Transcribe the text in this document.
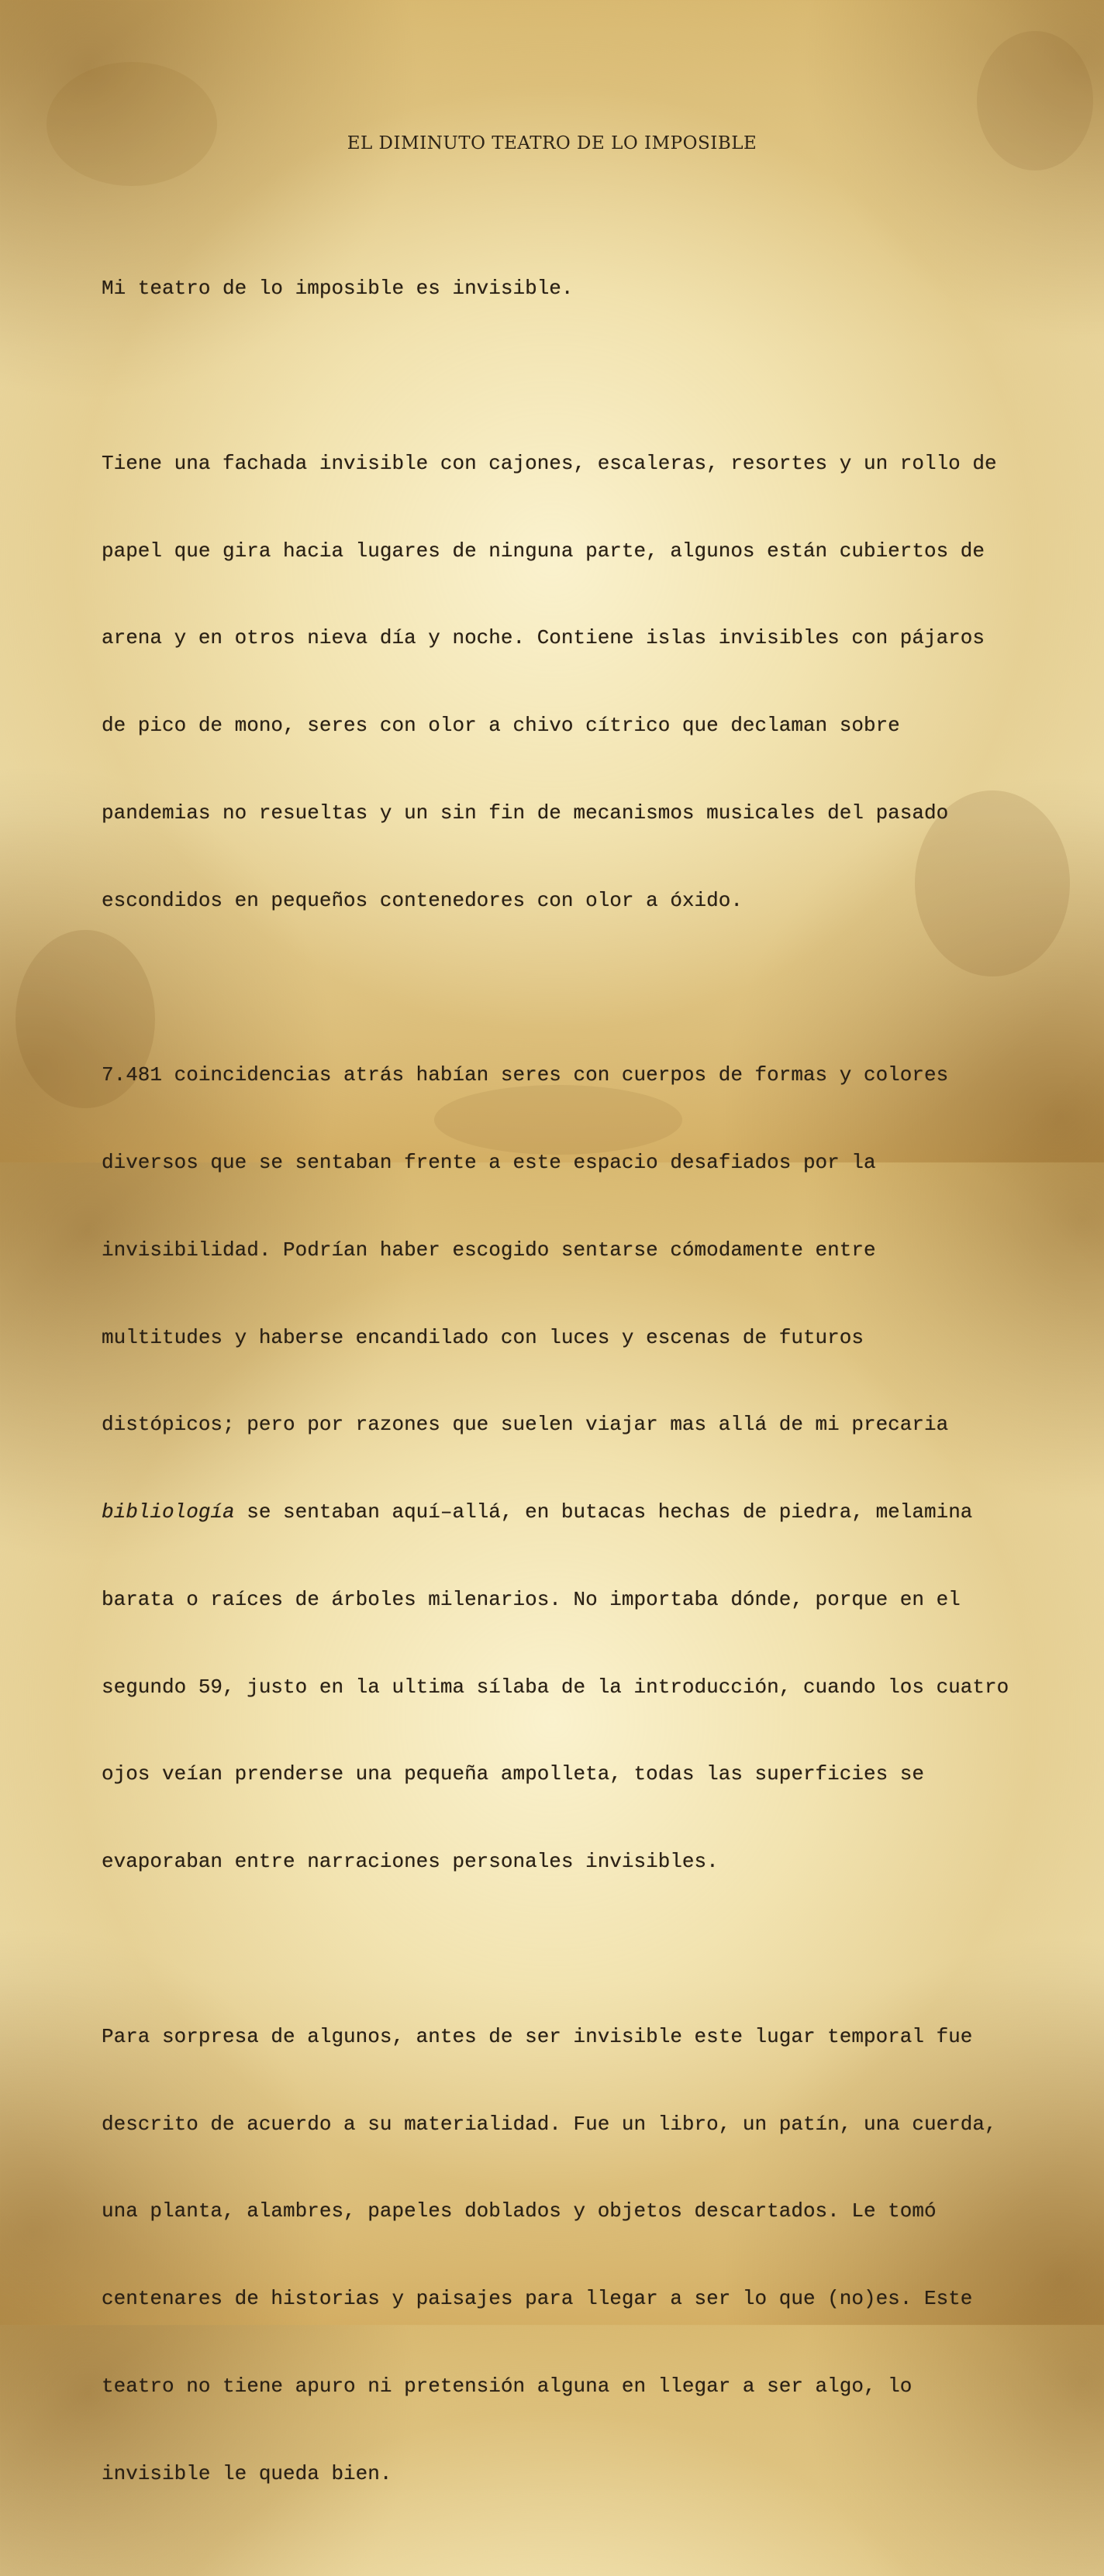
EL DIMINUTO TEATRO DE LO IMPOSIBLE

Mi teatro de lo imposible es invisible.

Tiene una fachada invisible con cajones, escaleras, resortes y un rollo de

papel que gira hacia lugares de ninguna parte, algunos están cubiertos de

arena y en otros nieva día y noche. Contiene islas invisibles con pájaros

de pico de mono, seres con olor a chivo cítrico que declaman sobre

pandemias no resueltas y un sin fin de mecanismos musicales del pasado

escondidos en pequeños contenedores con olor a óxido.

7.481 coincidencias atrás habían seres con cuerpos de formas y colores

diversos que se sentaban frente a este espacio desafiados por la

invisibilidad. Podrían haber escogido sentarse cómodamente entre

multitudes y haberse encandilado con luces y escenas de futuros

distópicos; pero por razones que suelen viajar mas allá de mi precaria

bibliología se sentaban aquí–allá, en butacas hechas de piedra, melamina

barata o raíces de árboles milenarios. No importaba dónde, porque en el

segundo 59, justo en la ultima sílaba de la introducción, cuando los cuatro

ojos veían prenderse una pequeña ampolleta, todas las superficies se

evaporaban entre narraciones personales invisibles.

Para sorpresa de algunos, antes de ser invisible este lugar temporal fue

descrito de acuerdo a su materialidad. Fue un libro, un patín, una cuerda,

una planta, alambres, papeles doblados y objetos descartados. Le tomó

centenares de historias y paisajes para llegar a ser lo que (no)es. Este

teatro no tiene apuro ni pretensión alguna en llegar a ser algo, lo

invisible le queda bien.
